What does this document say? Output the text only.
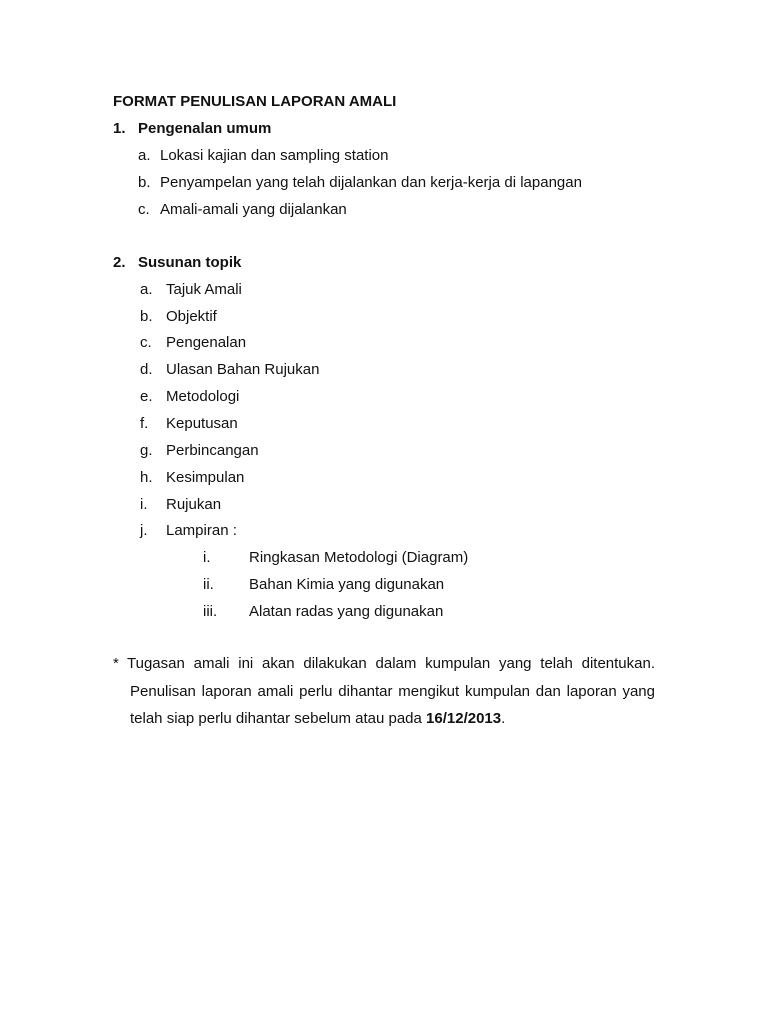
FORMAT PENULISAN LAPORAN AMALI
1. Pengenalan umum
a. Lokasi kajian dan sampling station
b. Penyampelan yang telah dijalankan dan kerja-kerja di lapangan
c. Amali-amali yang dijalankan
2. Susunan topik
a. Tajuk Amali
b. Objektif
c. Pengenalan
d. Ulasan Bahan Rujukan
e. Metodologi
f. Keputusan
g. Perbincangan
h. Kesimpulan
i. Rujukan
j. Lampiran :
i.	Ringkasan Metodologi (Diagram)
ii. Bahan Kimia yang digunakan
iii. Alatan radas yang digunakan
* Tugasan amali ini akan dilakukan dalam kumpulan yang telah ditentukan.
Penulisan laporan amali perlu dihantar mengikut kumpulan dan laporan yang
telah siap perlu dihantar sebelum atau pada 16/12/2013.
